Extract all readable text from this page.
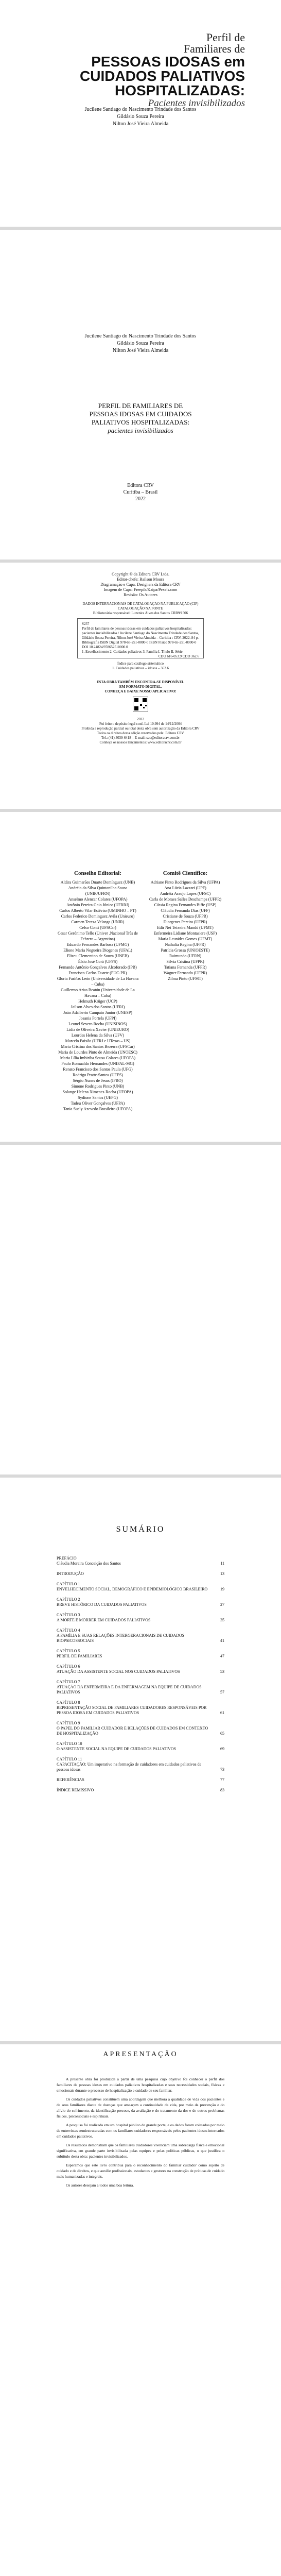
Perfil de
Familiares de
PESSOAS IDOSAS em
CUIDADOS PALIATIVOS
HOSPITALIZADAS:
Pacientes invisibilizados
Jucilene Santiago do Nascimento Trindade dos Santos
Gildásio Souza Pereira
Nilton José Vieira Almeida
Jucilene Santiago do Nascimento Trindade dos Santos
Gildásio Souza Pereira
Nilton José Vieira Almeida
PERFIL DE FAMILIARES DE
PESSOAS IDOSAS EM CUIDADOS
PALIATIVOS HOSPITALIZADAS:
pacientes invisibilizados
Editora CRV
Curitiba – Brasil
2022
Copyright © da Editora CRV Ltda.
Editor-chefe: Railson Moura
Diagramação e Capa: Designers da Editora CRV
Imagem de Capa: Freepik/Kaipa/Pexels.com
Revisão: Os Autores
DADOS INTERNACIONAIS DE CATALOGAÇÃO NA PUBLICAÇÃO (CIP)
CATALOGAÇÃO NA FONTE
Bibliotecária responsável: Luzenira Alves dos Santos CRB9/1506
S237
Perfil de familiares de pessoas idosas em cuidados paliativos hospitalizadas: pacientes invisibilizados / Jucilene Santiago do Nascimento Trindade dos Santos, Gildásio Souza Pereira, Nilton José Vieira Almeida – Curitiba : CRV, 2022. 84 p.
Bibliografia ISBN Digital 978-65-251-0000-0 ISBN Físico 978-65-251-0000-0 DOI 10.24824/978652510000.0
1. Envelhecimento 2. Cuidados paliativos 3. Família I. Título II. Série
CDU 616-053.9 CDD 362.6
Índice para catálogo sistemático
1. Cuidados paliativos – idosos – 362.6
ESTA OBRA TAMBÉM ENCONTRA-SE DISPONÍVEL
EM FORMATO DIGITAL.
CONHEÇA E BAIXE NOSSO APLICATIVO!
2022
Foi feito o depósito legal conf. Lei 10.994 de 14/12/2004
Proibida a reprodução parcial ou total desta obra sem autorização da Editora CRV
Todos os direitos desta edição reservados pela: Editora CRV
Tel.: (41) 3039-6418 – E-mail: sac@editoracrv.com.br
Conheça os nossos lançamentos: www.editoracrv.com.br
Conselho Editorial:

Aldira Guimarães Duarte Domínguez (UNB)

Andréia da Silva Quintanilha Sousa (UNIR/UFRN)

Anselmo Alencar Colares (UFOPA)

Antônio Pereira Gaio Júnior (UFRRJ)

Carlos Alberto Vilar Estêvão (UMINHO – PT)

Carlos Federico Dominguez Avila (Unieuro)

Carmen Tereza Velanga (UNIR)

Celso Conti (UFSCar)

Cesar Gerónimo Tello (Univer .Nacional Três de Febrero – Argentina)

Eduardo Fernandes Barbosa (UFMG)

Elione Maria Nogueira Diogenes (UFAL)

Elizeu Clementino de Souza (UNEB)

Élsio José Corá (UFFS)

Fernando Antônio Gonçalves Alcoforado (IPB)

Francisco Carlos Duarte (PUC-PR)

Gloria Fariñas León (Universidade de La Havana – Cuba)

Guillermo Arias Beatón (Universidade de La Havana – Cuba)

Helmuth Krüger (UCP)

Jailson Alves dos Santos (UFRJ)

João Adalberto Campato Junior (UNESP)

Josania Portela (UFPI)

Leonel Severo Rocha (UNISINOS)

Lídia de Oliveira Xavier (UNIEURO)

Lourdes Helena da Silva (UFV)

Marcelo Paixão (UFRJ e UTexas – US)

Maria Cristina dos Santos Bezerra (UFSCar)

Maria de Lourdes Pinto de Almeida (UNOESC)

Maria Lília Imbiriba Sousa Colares (UFOPA)

Paulo Romualdo Hernandes (UNIFAL-MG)

Renato Francisco dos Santos Paula (UFG)

Rodrigo Pratte-Santos (UFES)

Sérgio Nunes de Jesus (IFRO)

Simone Rodrigues Pinto (UNB)

Solange Helena Ximenes-Rocha (UFOPA)

Sydione Santos (UEPG)

Tadeu Oliver Gonçalves (UFPA)

Tania Suely Azevedo Brasileiro (UFOPA)

Comitê Científico:

Adriane Pinto Rodrigues da Silva (UFPA)

Ana Lúcia Lazzari (UPF)

Andréia Araujo Lopes (UFSC)

Carla de Moraes Salles Deschamps (UFPR)

Cássia Regina Fernandes Biffe (USP)

Cláudia Fernanda Dias (UFF)

Cristiane de Souza (UFPR)

Diorgenes Pereira (UFPR)

Edir Nei Teixeira Mandú (UFMT)

Enfermeira Lidiane Montasiere (USP)

Maria Leunides Gomes (UFMT)

Nathalia Regina (UFPR)

Patrícia Grossa (UNIOESTE)

Raimundo (UFRN)

Silvia Cristina (UFPR)

Tatiana Fernanda (UFPR)

Wagner Fernando (UFPR)

Zilma Pinto (UFMT)

SUMÁRIO
PREFÁCIO
Cláudia Moreira Conceição dos Santos	11
INTRODUÇÃO	13
CAPÍTULO 1
ENVELHECIMENTO SOCIAL, DEMOGRÁFICO E EPIDEMIOLÓGICO BRASILEIRO	19
CAPÍTULO 2
BREVE HISTÓRICO DA CUIDADOS PALIATIVOS	27
CAPÍTULO 3
A MORTE E MORRER EM CUIDADOS PALIATIVOS	35
CAPÍTULO 4
A FAMÍLIA E SUAS RELAÇÕES INTERGERACIONAIS DE CUIDADOS BIOPSICOSSOCIAIS	41
CAPÍTULO 5
PERFIL DE FAMILIARES	47
CAPÍTULO 6
ATUAÇÃO DA ASSISTENTE SOCIAL NOS CUIDADOS PALIATIVOS	53
CAPÍTULO 7
ATUAÇÃO DA ENFERMEIRA E DA ENFERMAGEM NA EQUIPE DE CUIDADOS PALIATIVOS	57
CAPÍTULO 8
REPRESENTAÇÃO SOCIAL DE FAMILIARES CUIDADORES RESPONSÁVEIS POR PESSOA IDOSA EM CUIDADOS PALIATIVOS	61
CAPÍTULO 9
O PAPEL DO FAMILIAR CUIDADOR E RELAÇÕES DE CUIDADOS EM CONTEXTO DE HOSPITALIZAÇÃO	65
CAPÍTULO 10
O ASSISTENTE SOCIAL NA EQUIPE DE CUIDADOS PALIATIVOS	69
CAPÍTULO 11
CAPACITAÇÃO: Um imperativo na formação de cuidadores em cuidados paliativos de pessoas idosas	73
REFERÊNCIAS	77
ÍNDICE REMISSIVO	83
APRESENTAÇÃO

A presente obra foi produzida a partir de uma pesquisa cujo objetivo foi conhecer o perfil dos familiares de pessoas idosas em cuidados paliativos hospitalizadas e suas necessidades sociais, físicas e emocionais durante o processo de hospitalização e cuidado de seu familiar.

Os cuidados paliativos constituem uma abordagem que melhora a qualidade de vida dos pacientes e de seus familiares diante de doenças que ameaçam a continuidade da vida, por meio da prevenção e do alívio do sofrimento, da identificação precoce, da avaliação e do tratamento da dor e de outros problemas físicos, psicossociais e espirituais.

A pesquisa foi realizada em um hospital público de grande porte, e os dados foram coletados por meio de entrevistas semiestruturadas com os familiares cuidadores responsáveis pelos pacientes idosos internados em cuidados paliativos.

Os resultados demonstram que os familiares cuidadores vivenciam uma sobrecarga física e emocional significativa, em grande parte invisibilizada pelas equipes e pelas políticas públicas, o que justifica o subtítulo desta obra: pacientes invisibilizados.

Esperamos que este livro contribua para o reconhecimento do familiar cuidador como sujeito de cuidado e de direitos, e que auxilie profissionais, estudantes e gestores na construção de práticas de cuidado mais humanizadas e integrais.

Os autores desejam a todos uma boa leitura.
